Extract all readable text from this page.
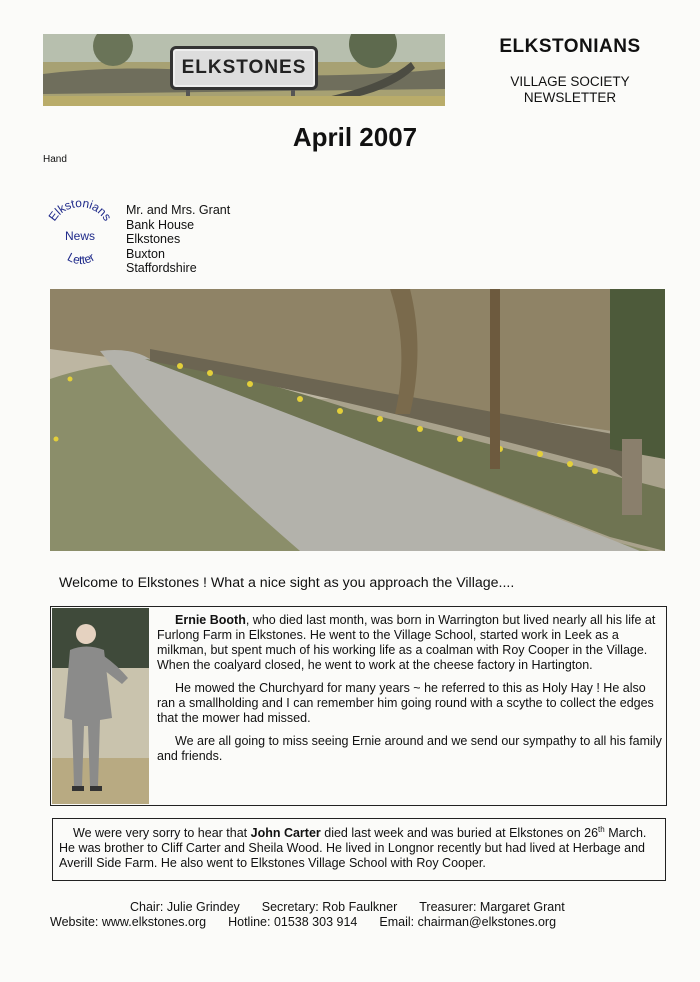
ELKSTONES
ELKSTONIANS
VILLAGE SOCIETY
NEWSLETTER
April 2007
Hand
Elkstonians
News
Letter
Mr. and Mrs. Grant
Bank House
Elkstones
Buxton
Staffordshire
Welcome to Elkstones ! What a nice sight as you approach the Village....

Ernie Booth, who died last month, was born in Warrington but lived nearly all his life at Furlong Farm in Elkstones. He went to the Village School, started work in Leek as a milkman, but spent much of his working life as a coalman with Roy Cooper in the Village. When the coalyard closed, he went to work at the cheese factory in Hartington.

He mowed the Churchyard for many years ~ he referred to this as Holy Hay ! He also ran a smallholding and I can remember him going round with a scythe to collect the edges that the mower had missed.

We are all going to miss seeing Ernie around and we send our sympathy to all his family and friends.

We were very sorry to hear that John Carter died last week and was buried at Elkstones on 26th March. He was brother to Cliff Carter and Sheila Wood. He lived in Longnor recently but had lived at Herbage and Averill Side Farm. He also went to Elkstones Village School with Roy Cooper.
Chair: Julie Grindey Secretary: Rob Faulkner Treasurer: Margaret Grant
Website: www.elkstones.org Hotline: 01538 303 914 Email: chairman@elkstones.org
